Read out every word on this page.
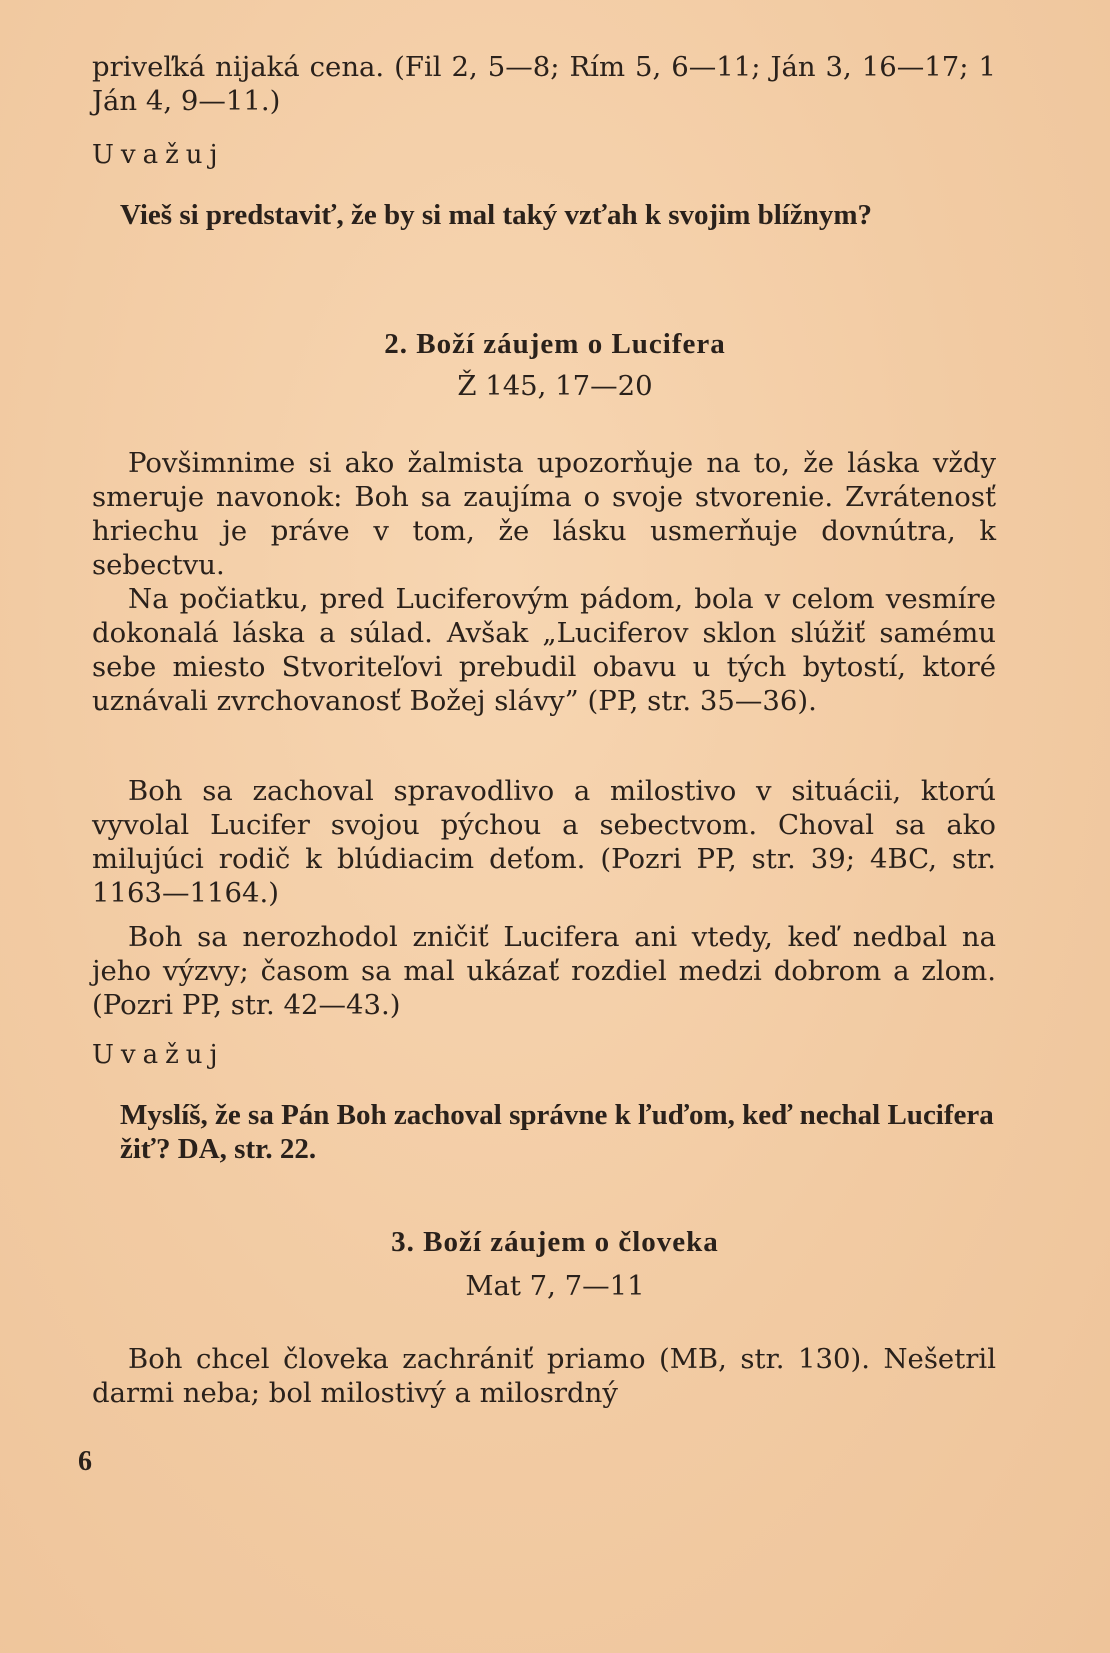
priveľká nijaká cena. (Fil 2, 5—8; Rím 5, 6—11; Ján 3, 16—17; 1 Ján 4, 9—11.)

Uvažuj

Vieš si predstaviť, že by si mal taký vzťah k svojim blížnym?

2. Boží záujem o Lucifera

Ž 145, 17—20

Povšimnime si ako žalmista upozorňuje na to, že láska vždy smeruje navonok: Boh sa zaujíma o svoje stvorenie. Zvrátenosť hriechu je práve v tom, že lásku usmerňuje dovnútra, k sebectvu.

Na počiatku, pred Luciferovým pádom, bola v celom vesmíre dokonalá láska a súlad. Avšak „Luciferov sklon slúžiť samému sebe miesto Stvoriteľovi prebudil obavu u tých bytostí, ktoré uznávali zvrchovanosť Božej slávy” (PP, str. 35—36).

Boh sa zachoval spravodlivo a milostivo v situácii, ktorú vyvolal Lucifer svojou pýchou a sebectvom. Choval sa ako milujúci rodič k blúdiacim deťom. (Pozri PP, str. 39; 4BC, str. 1163—1164.)

Boh sa nerozhodol zničiť Lucifera ani vtedy, keď nedbal na jeho výzvy; časom sa mal ukázať rozdiel medzi dobrom a zlom. (Pozri PP, str. 42—43.)

Uvažuj

Myslíš, že sa Pán Boh zachoval správne k ľuďom, keď nechal Lucifera žiť? DA, str. 22.

3. Boží záujem o človeka

Mat 7, 7—11

Boh chcel človeka zachrániť priamo (MB, str. 130). Nešetril darmi neba; bol milostivý a milosrdný

6
